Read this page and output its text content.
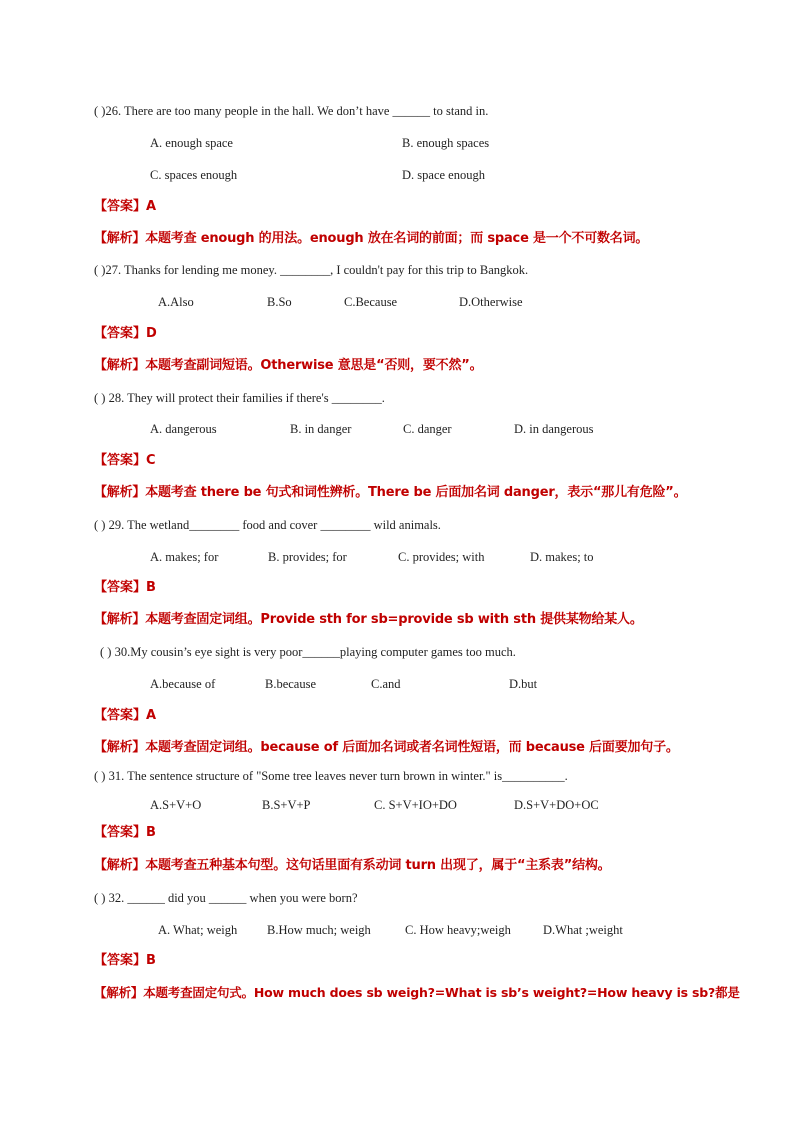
( )26. There are too many people in the hall. We don’t have ______ to stand in.
A. enough space	B. enough spaces
C. spaces enough	D. space enough
【答案】A
【解析】本题考查 enough 的用法。enough 放在名词的前面；而 space 是一个不可数名词。
( )27. Thanks for lending me money. ________, I couldn't pay for this trip to Bangkok.
A.Also	B.So	C.Because	D.Otherwise
【答案】D
【解析】本题考查副词短语。Otherwise 意思是“否则，要不然”。
( ) 28. They will protect their families if there's ________.
A. dangerous	B. in danger	C. danger	D. in dangerous
【答案】C
【解析】本题考查 there be 句式和词性辨析。There be 后面加名词 danger，表示“那儿有危险”。
( ) 29. The wetland________ food and cover ________ wild animals.
A. makes; for	B. provides; for	C. provides; with	D. makes; to
【答案】B
【解析】本题考查固定词组。Provide sth for sb=provide sb with sth 提供某物给某人。
( ) 30.My cousin’s eye sight is very poor______playing computer games too much.
A.because of	B.because	C.and	D.but
【答案】A
【解析】本题考查固定词组。because of 后面加名词或者名词性短语，而 because 后面要加句子。
( ) 31. The sentence structure of "Some tree leaves never turn brown in winter." is__________.
A.S+V+O	B.S+V+P	C. S+V+IO+DO	D.S+V+DO+OC
【答案】B
【解析】本题考查五种基本句型。这句话里面有系动词 turn 出现了，属于“主系表”结构。
( ) 32. ______ did you ______ when you were born?
A. What; weigh B.How much; weigh	C. How heavy;weigh	D.What ;weight
【答案】B
【解析】本题考查固定句式。How much does sb weigh?=What is sb’s weight?=How heavy is sb?都是
